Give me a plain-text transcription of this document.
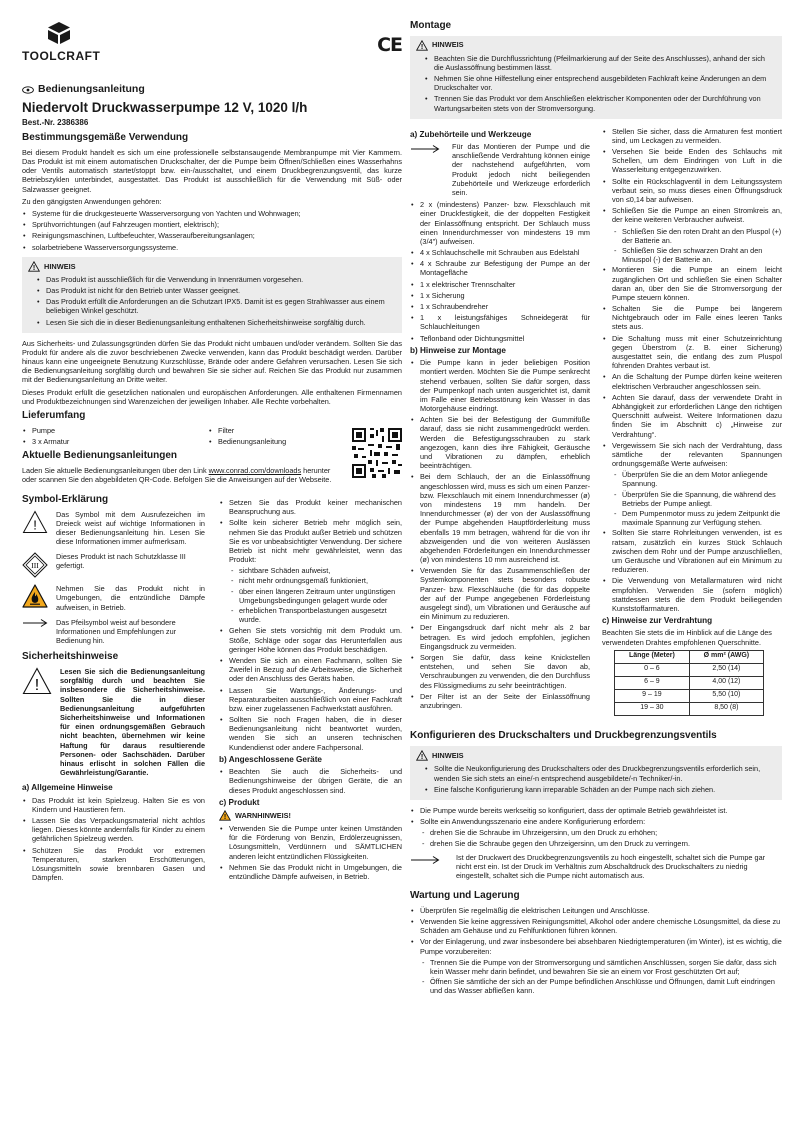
TOOLCRAFT
CE
Bedienungsanleitung
Niedervolt Druckwasserpumpe 12 V, 1020 l/h
Best.-Nr. 2386386
Bestimmungsgemäße Verwendung

Bei diesem Produkt handelt es sich um eine professionelle selbstansaugende Membranpumpe mit Vier Kammern. Das Produkt ist mit einem automatischen Druckschalter, der die Pumpe beim Öffnen/Schließen eines Wasserhahns oder Ventils automatisch startet/stoppt bzw. ein-/ausschaltet, und einem Druckbegrenzungsventil, das kurze Betriebszyklen unterbindet, ausgestattet. Das Produkt ist ausschließlich für die Verwendung mit Süß- oder Salzwasser geeignet.

Zu den gängigsten Anwendungen gehören:

• Systeme für die druckgesteuerte Wasserversorgung von Yachten und Wohnwagen;
• Sprühvorrichtungen (auf Fahrzeugen montiert, elektrisch);
• Reinigungsmaschinen, Luftbefeuchter, Wasseraufbereitungsanlagen;
• solarbetriebene Wasserversorgungssysteme.
! HINWEIS
• Das Produkt ist ausschließlich für die Verwendung in Innenräumen vorgesehen.
• Das Produkt ist nicht für den Betrieb unter Wasser geeignet.
• Das Produkt erfüllt die Anforderungen an die Schutzart IPX5. Damit ist es gegen Strahlwasser aus einem beliebigen Winkel geschützt.
• Lesen Sie sich die in dieser Bedienungsanleitung enthaltenen Sicherheitshinweise sorgfältig durch.

Aus Sicherheits- und Zulassungsgründen dürfen Sie das Produkt nicht umbauen und/oder verändern. Sollten Sie das Produkt für andere als die zuvor beschriebenen Zwecke verwenden, kann das Produkt beschädigt werden. Darüber hinaus kann eine ungeeignete Benutzung Kurzschlüsse, Brände oder andere Gefahren verursachen. Lesen Sie sich die Bedienungsanleitung sorgfältig durch und bewahren Sie sie sicher auf. Reichen Sie das Produkt nur zusammen mit der Bedienungsanleitung an Dritte weiter.

Dieses Produkt erfüllt die gesetzlichen nationalen und europäischen Anforderungen. Alle enthaltenen Firmennamen und Produktbezeichnungen sind Warenzeichen der jeweiligen Inhaber. Alle Rechte vorbehalten.

Lieferumfang
• Pumpe
• 3 x Armatur
• Filter
• Bedienungsanleitung
Aktuelle Bedienungsanleitungen

Laden Sie aktuelle Bedienungsanleitungen über den Link www.conrad.com/downloads herunter oder scannen Sie den abgebildeten QR-Code. Befolgen Sie die Anweisungen auf der Webseite.

Symbol-Erklärung
!
Das Symbol mit dem Ausrufezeichen im Dreieck weist auf wichtige Informationen in dieser Bedienungsanleitung hin. Lesen Sie diese Informationen immer aufmerksam.
III
Dieses Produkt ist nach Schutzklasse III gefertigt.
Nehmen Sie das Produkt nicht in Umgebungen, die entzündliche Dämpfe aufweisen, in Betrieb.
Das Pfeilsymbol weist auf besondere Informationen und Empfehlungen zur Bedienung hin.
Sicherheitshinweise
!
Lesen Sie sich die Bedienungsanleitung sorgfältig durch und beachten Sie insbesondere die Sicherheitshinweise. Sollten Sie die in dieser Bedienungsanleitung aufgeführten Sicherheitshinweise und Informationen für einen ordnungsgemäßen Gebrauch nicht beachten, übernehmen wir keine Haftung für daraus resultierende Personen- oder Sachschäden. Darüber hinaus erlischt in solchen Fällen die Gewährleistung/Garantie.
a) Allgemeine Hinweise
• Das Produkt ist kein Spielzeug. Halten Sie es von Kindern und Haustieren fern.
• Lassen Sie das Verpackungsmaterial nicht achtlos liegen. Dieses könnte andernfalls für Kinder zu einem gefährlichen Spielzeug werden.
• Schützen Sie das Produkt vor extremen Temperaturen, starken Erschütterungen, Lösungsmitteln sowie brennbaren Gasen und Dämpfen.
• Setzen Sie das Produkt keiner mechanischen Beanspruchung aus.
• Sollte kein sicherer Betrieb mehr möglich sein, nehmen Sie das Produkt außer Betrieb und schützen Sie es vor unbeabsichtigter Verwendung. Der sichere Betrieb ist nicht mehr gewährleistet, wenn das Produkt:
- sichtbare Schäden aufweist,
- nicht mehr ordnungsgemäß funktioniert,
- über einen längeren Zeitraum unter ungünstigen Umgebungsbedingungen gelagert wurde oder
- erheblichen Transportbelastungen ausgesetzt wurde.
• Gehen Sie stets vorsichtig mit dem Produkt um. Stöße, Schläge oder sogar das Herunterfallen aus geringer Höhe können das Produkt beschädigen.
• Wenden Sie sich an einen Fachmann, sollten Sie Zweifel in Bezug auf die Arbeitsweise, die Sicherheit oder den Anschluss des Geräts haben.
• Lassen Sie Wartungs-, Änderungs- und Reparaturarbeiten ausschließlich von einer Fachkraft bzw. einer zugelassenen Fachwerkstatt ausführen.
• Sollten Sie noch Fragen haben, die in dieser Bedienungsanleitung nicht beantwortet wurden, wenden Sie sich an unseren technischen Kundendienst oder andere Fachpersonal.
b) Angeschlossene Geräte
• Beachten Sie auch die Sicherheits- und Bedienungshinweise der übrigen Geräte, die an dieses Produkt angeschlossen sind.
c) Produkt
! WARNHINWEIS !
• Verwenden Sie die Pumpe unter keinen Umständen für die Förderung von Benzin, Erdölerzeugnissen, Lösungsmitteln, Verdünnern und SÄMTLICHEN anderen leicht entzündlichen Flüssigkeiten.
• Nehmen Sie das Produkt nicht in Umgebungen, die entzündliche Dämpfe aufweisen, in Betrieb.
Montage
! HINWEIS
• Beachten Sie die Durchflussrichtung (Pfeilmarkierung auf der Seite des Anschlusses), anhand der sich die Auslassöffnung bestimmen lässt.
• Nehmen Sie ohne Hilfestellung einer entsprechend ausgebildeten Fachkraft keine Änderungen an dem Druckschalter vor.
• Trennen Sie das Produkt vor dem Anschließen elektrischer Komponenten oder der Durchführung von Wartungsarbeiten stets von der Stromversorgung.
a) Zubehörteile und Werkzeuge
Für das Montieren der Pumpe und die anschließende Verdrahtung können einige der nachstehend aufgeführten, vom Produkt jedoch nicht beiliegenden Zubehörteile und Werkzeuge erforderlich sein.
• 2 x (mindestens) Panzer- bzw. Flexschlauch mit einer Druckfestigkeit, die der doppelten Festigkeit der Einlassöffnung entspricht. Der Schlauch muss einen Innendurchmesser von mindestens 19 mm (3/4") aufweisen.
• 4 x Schlauchschelle mit Schrauben aus Edelstahl
• 4 x Schraube zur Befestigung der Pumpe an der Montagefläche
• 1 x elektrischer Trennschalter
• 1 x Sicherung
• 1 x Schraubendreher
• 1 x leistungsfähiges Schneidegerät für Schlauchleitungen
• Teflonband oder Dichtungsmittel
b) Hinweise zur Montage
• Die Pumpe kann in jeder beliebigen Position montiert werden. Möchten Sie die Pumpe senkrecht stehend verbauen, sollten Sie dafür sorgen, dass der Pumpenkopf nach unten ausgerichtet ist, damit im Falle einer Betriebsstörung kein Wasser in das Motorgehäuse eindringt.
• Achten Sie bei der Befestigung der Gummifüße darauf, dass sie nicht zusammengedrückt werden. Werden die Befestigungsschrauben zu stark angezogen, kann dies ihre Fähigkeit, Geräusche und Vibrationen zu dämpfen, erheblich beeinträchtigen.
• Bei dem Schlauch, der an die Einlassöffnung angeschlossen wird, muss es sich um einen Panzer- bzw. Flexschlauch mit einem Innendurchmesser (ø) von mindestens 19 mm handeln. Der Innendurchmesser (ø) der von der Auslassöffnung der Pumpe abgehenden Hauptförderleitung muss ebenfalls 19 mm betragen, während für die von ihr abzweigenden und die von weiteren Auslässen abgehenden Förderleitungen ein Innendurchmesser (ø) von mindestens 10 mm ausreichend ist.
• Verwenden Sie für das Zusammenschließen der Systemkomponenten stets besonders robuste Panzer- bzw. Flexschläuche (die für das doppelte der auf der Pumpe angegebenen Förderleistung ausgelegt sind), um Vibrationen und Geräusche auf ein Minimum zu reduzieren.
• Der Eingangsdruck darf nicht mehr als 2 bar betragen. Es wird jedoch empfohlen, jeglichen Eingangsdruck zu vermeiden.
• Sorgen Sie dafür, dass keine Knickstellen entstehen, und sehen Sie davon ab, Verschraubungen zu verwenden, die den Durchfluss des Flüssigmediums zu sehr beeinträchtigen.
• Der Filter ist an der Seite der Einlassöffnung anzubringen.
• Stellen Sie sicher, dass die Armaturen fest montiert sind, um Leckagen zu vermeiden.
• Versehen Sie beide Enden des Schlauchs mit Schellen, um dem Eindringen von Luft in die Wasserleitung entgegenzuwirken.
• Sollte ein Rückschlagventil in dem Leitungssystem verbaut sein, so muss dieses einen Öffnungsdruck von ≤0,14 bar aufweisen.
• Schließen Sie die Pumpe an einen Stromkreis an, der keine weiteren Verbraucher aufweist.
- Schließen Sie den roten Draht an den Pluspol (+) der Batterie an.
- Schließen Sie den schwarzen Draht an den Minuspol (-) der Batterie an.
• Montieren Sie die Pumpe an einem leicht zugänglichen Ort und schließen Sie einen Schalter daran an, über den Sie die Stromversorgung der Pumpe steuern können.
• Schalten Sie die Pumpe bei längerem Nichtgebrauch oder im Falle eines leeren Tanks stets aus.
• Die Schaltung muss mit einer Schutzeinrichtung gegen Überstrom (z. B. einer Sicherung) ausgestattet sein, die entlang des zum Pluspol führenden Drahtes verbaut ist.
• An die Schaltung der Pumpe dürfen keine weiteren elektrischen Verbraucher angeschlossen sein.
• Achten Sie darauf, dass der verwendete Draht in Abhängigkeit zur erforderlichen Länge den richtigen Querschnitt aufweist. Weitere Informationen dazu finden Sie im Abschnitt c) „Hinweise zur Verdrahtung“.
• Vergewissern Sie sich nach der Verdrahtung, dass sämtliche der relevanten Spannungen ordnungsgemäße Werte aufweisen:
- Überprüfen Sie die an dem Motor anliegende Spannung.
- Überprüfen Sie die Spannung, die während des Betriebs der Pumpe anliegt.
- Dem Pumpenmotor muss zu jedem Zeitpunkt die maximale Spannung zur Verfügung stehen.
• Sollten Sie starre Rohrleitungen verwenden, ist es ratsam, zusätzlich ein kurzes Stück Schlauch zwischen dem Rohr und der Pumpe anzuschließen, um Geräusche und Vibrationen auf ein Minimum zu reduzieren.
• Die Verwendung von Metallarmaturen wird nicht empfohlen. Verwenden Sie (sofern möglich) stattdessen stets die dem Produkt beiliegenden Kunststoffarmaturen.
c) Hinweise zur Verdrahtung

Beachten Sie stets die im Hinblick auf die Länge des verwendeten Drahtes empfohlenen Querschnitte.

Länge (Meter)	Ø mm² (AWG)
0 – 6	2,50 (14)
6 – 9	4,00 (12)
9 – 19	5,50 (10)
19 – 30	8,50 (8)
Konfigurieren des Druckschalters und Druckbegrenzungsventils
! HINWEIS
• Sollte die Neukonfigurierung des Druckschalters oder des Druckbegrenzungsventils erforderlich sein, wenden Sie sich stets an eine/-n entsprechend ausgebildete/-n Techniker/-in.
• Eine falsche Konfigurierung kann irreparable Schäden an der Pumpe nach sich ziehen.
• Die Pumpe wurde bereits werkseitig so konfiguriert, dass der optimale Betrieb gewährleistet ist.
• Sollte ein Anwendungsszenario eine andere Konfigurierung erfordern:
- drehen Sie die Schraube im Uhrzeigersinn, um den Druck zu erhöhen;
- drehen Sie die Schraube gegen den Uhrzeigersinn, um den Druck zu verringern.
Ist der Druckwert des Druckbegrenzungsventils zu hoch eingestellt, schaltet sich die Pumpe gar nicht erst ein. Ist der Druck im Verhältnis zum Abschaltdruck des Druckschalters zu niedrig eingestellt, schaltet sich die Pumpe nicht automatisch aus.
Wartung und Lagerung
• Überprüfen Sie regelmäßig die elektrischen Leitungen und Anschlüsse.
• Verwenden Sie keine aggressiven Reinigungsmittel, Alkohol oder andere chemische Lösungsmittel, da diese zu Schäden am Gehäuse und zu Fehlfunktionen führen können.
• Vor der Einlagerung, und zwar insbesondere bei absehbaren Niedrigtemperaturen (im Winter), ist es wichtig, die Pumpe vorzubereiten:
- Trennen Sie die Pumpe von der Stromversorgung und sämtlichen Anschlüssen, sorgen Sie dafür, dass sich kein Wasser mehr darin befindet, und bewahren Sie sie an einem vor Frost geschützten Ort auf;
- Öffnen Sie sämtliche der sich an der Pumpe befindlichen Anschlüsse und Öffnungen, damit Luft eindringen und das Wasser abfließen kann.
